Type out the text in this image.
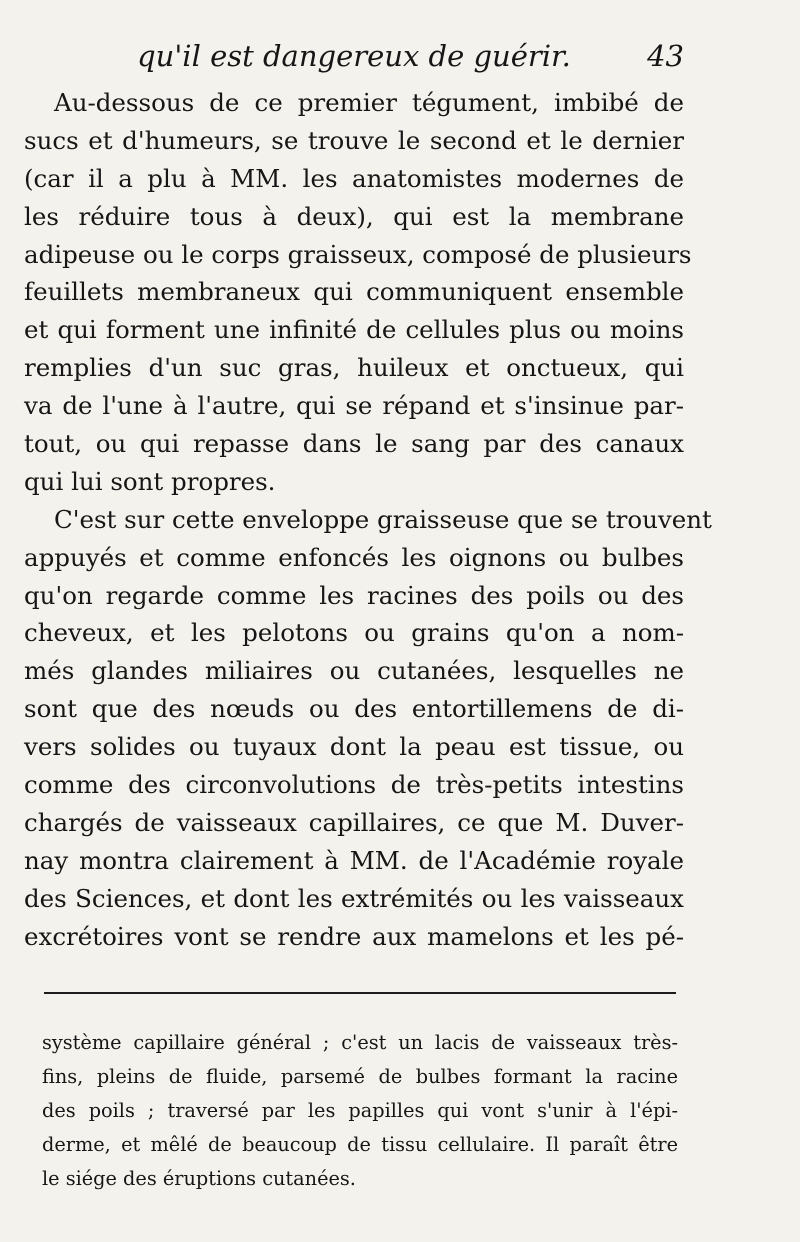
qu'il est dangereux de guérir.	43
Au-dessous de ce premier tégument, imbibé de
sucs et d'humeurs, se trouve le second et le dernier
(car il a plu à MM. les anatomistes modernes de
les réduire tous à deux), qui est la membrane
adipeuse ou le corps graisseux, composé de plusieurs
feuillets membraneux qui communiquent ensemble
et qui forment une infinité de cellules plus ou moins
remplies d'un suc gras, huileux et onctueux, qui
va de l'une à l'autre, qui se répand et s'insinue par-
tout, ou qui repasse dans le sang par des canaux
qui lui sont propres.
C'est sur cette enveloppe graisseuse que se trouvent
appuyés et comme enfoncés les oignons ou bulbes
qu'on regarde comme les racines des poils ou des
cheveux, et les pelotons ou grains qu'on a nom-
més glandes miliaires ou cutanées, lesquelles ne
sont que des nœuds ou des entortillemens de di-
vers solides ou tuyaux dont la peau est tissue, ou
comme des circonvolutions de très-petits intestins
chargés de vaisseaux capillaires, ce que M. Duver-
nay montra clairement à MM. de l'Académie royale
des Sciences, et dont les extrémités ou les vaisseaux
excrétoires vont se rendre aux mamelons et les pé-
système capillaire général ; c'est un lacis de vaisseaux très-
fins, pleins de fluide, parsemé de bulbes formant la racine
des poils ; traversé par les papilles qui vont s'unir à l'épi-
derme, et mêlé de beaucoup de tissu cellulaire. Il paraît être
le siége des éruptions cutanées.
